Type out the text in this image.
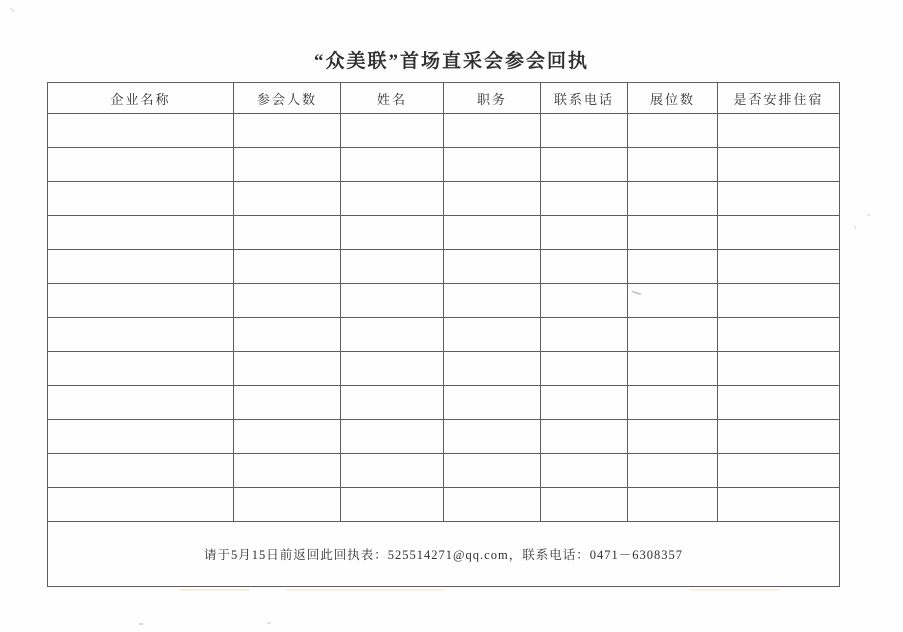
“众美联”首场直采会参会回执
企业名称	参会人数	姓名	职务	联系电话	展位数	是否安排住宿

请于5月15日前返回此回执表：525514271@qq.com，联系电话：0471－6308357						
